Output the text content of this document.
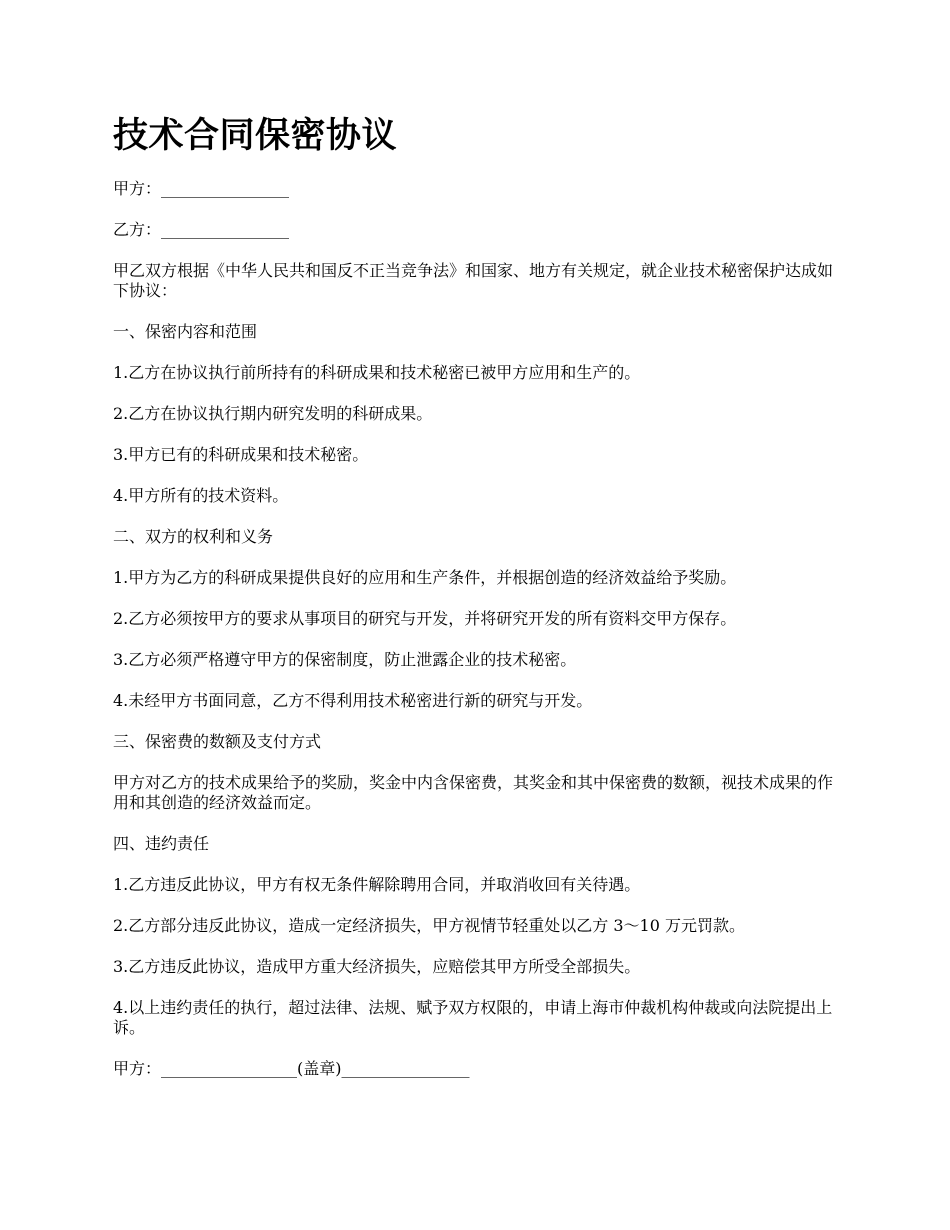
技术合同保密协议

甲方：________________

乙方：________________

甲乙双方根据《中华人民共和国反不正当竞争法》和国家、地方有关规定，就企业技术秘密保护达成如下协议：

一、保密内容和范围

1.乙方在协议执行前所持有的科研成果和技术秘密已被甲方应用和生产的。

2.乙方在协议执行期内研究发明的科研成果。

3.甲方已有的科研成果和技术秘密。

4.甲方所有的技术资料。

二、双方的权利和义务

1.甲方为乙方的科研成果提供良好的应用和生产条件，并根据创造的经济效益给予奖励。

2.乙方必须按甲方的要求从事项目的研究与开发，并将研究开发的所有资料交甲方保存。

3.乙方必须严格遵守甲方的保密制度，防止泄露企业的技术秘密。

4.未经甲方书面同意，乙方不得利用技术秘密进行新的研究与开发。

三、保密费的数额及支付方式

甲方对乙方的技术成果给予的奖励，奖金中内含保密费，其奖金和其中保密费的数额，视技术成果的作用和其创造的经济效益而定。

四、违约责任

1.乙方违反此协议，甲方有权无条件解除聘用合同，并取消收回有关待遇。

2.乙方部分违反此协议，造成一定经济损失，甲方视情节轻重处以乙方 3～10 万元罚款。

3.乙方违反此协议，造成甲方重大经济损失，应赔偿其甲方所受全部损失。

4.以上违约责任的执行，超过法律、法规、赋予双方权限的，申请上海市仲裁机构仲裁或向法院提出上诉。

甲方：_________________(盖章)________________
